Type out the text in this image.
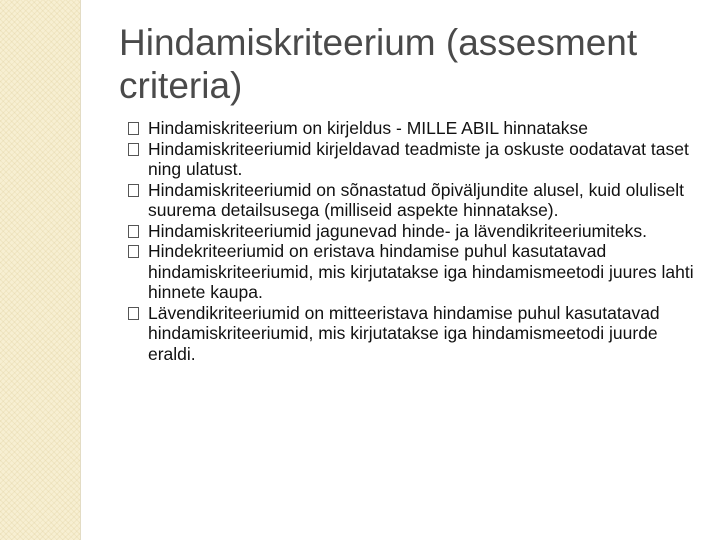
Hindamiskriteerium (assesment criteria)
Hindamiskriteerium on kirjeldus - MILLE ABIL hinnatakse
Hindamiskriteeriumid kirjeldavad teadmiste ja oskuste oodatavat taset ning ulatust.
Hindamiskriteeriumid on sõnastatud õpiväljundite alusel, kuid oluliselt suurema detailsusega (milliseid aspekte hinnatakse).
Hindamiskriteeriumid jagunevad hinde- ja lävendikriteeriumiteks.
Hindekriteeriumid on eristava hindamise puhul kasutatavad hindamiskriteeriumid, mis kirjutatakse iga hindamismeetodi juures lahti hinnete kaupa.
Lävendikriteeriumid on mitteeristava hindamise puhul kasutatavad hindamiskriteeriumid, mis kirjutatakse iga hindamismeetodi juurde eraldi.
